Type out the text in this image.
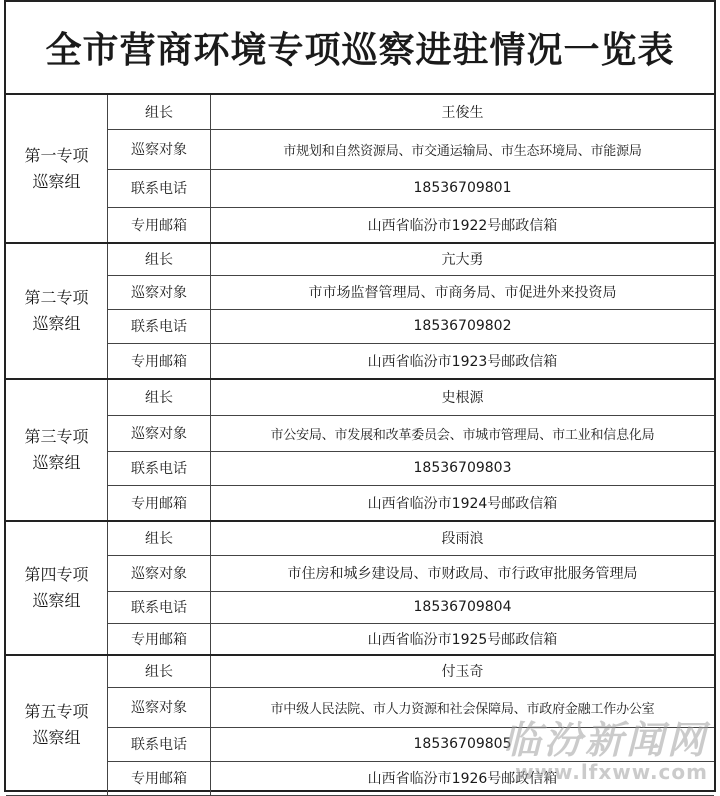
全市营商环境专项巡察进驻情况一览表
第一专项
巡察组	组长	王俊生
	巡察对象	市规划和自然资源局、市交通运输局、市生态环境局、市能源局
	联系电话	18536709801
	专用邮箱	山西省临汾市1922号邮政信箱
第二专项
巡察组	组长	亢大勇
	巡察对象	市市场监督管理局、市商务局、市促进外来投资局
	联系电话	18536709802
	专用邮箱	山西省临汾市1923号邮政信箱
第三专项
巡察组	组长	史根源
	巡察对象	市公安局、市发展和改革委员会、市城市管理局、市工业和信息化局
	联系电话	18536709803
	专用邮箱	山西省临汾市1924号邮政信箱
第四专项
巡察组	组长	段雨浪
	巡察对象	市住房和城乡建设局、市财政局、市行政审批服务管理局
	联系电话	18536709804
	专用邮箱	山西省临汾市1925号邮政信箱
第五专项
巡察组	组长	付玉奇
	巡察对象	市中级人民法院、市人力资源和社会保障局、市政府金融工作办公室
	联系电话	18536709805
	专用邮箱	山西省临汾市1926号邮政信箱
临汾新闻网
www.lfxww.com
